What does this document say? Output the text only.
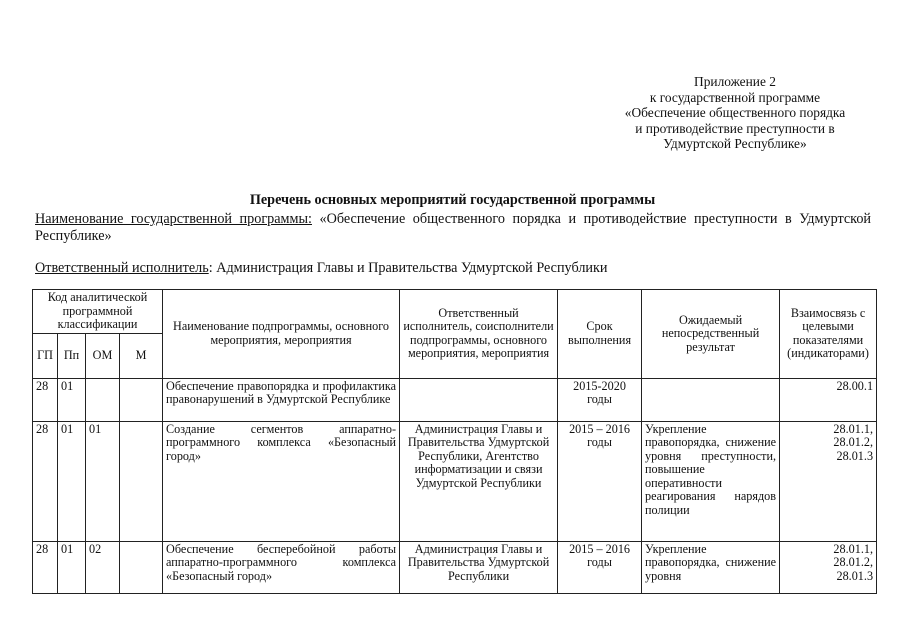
Приложение 2
к государственной программе
«Обеспечение общественного порядка
и противодействие преступности в
Удмуртской Республике»
Перечень основных мероприятий государственной программы
Наименование государственной программы: «Обеспечение общественного порядка и противодействие преступности в Удмуртской Республике»
Ответственный исполнитель: Администрация Главы и Правительства Удмуртской Республики
Код аналитической программной классификации				Наименование подпрограммы, основного мероприятия, мероприятия	Ответственный исполнитель, соисполнители подпрограммы, основного мероприятия, мероприятия	Срок выполнения	Ожидаемый непосредственный результат	Взаимосвязь с целевыми показателями (индикаторами)
ГП	Пп	ОМ	М					
28	01			Обеспечение правопорядка и профилактика правонарушений в Удмуртской Республике		2015-2020 годы		28.00.1

28	01	01		Создание сегментов аппаратно-программного комплекса «Безопасный город»	Администрация Главы и Правительства Удмуртской Республики, Агентство информатизации и связи Удмуртской Республики	2015 – 2016 годы	Укрепление правопорядка, снижение уровня преступности, повышение оперативности реагирования нарядов полиции	28.01.1,
28.01.2,
28.01.3

28	01	02		Обеспечение бесперебойной работы аппаратно-программного комплекса «Безопасный город»	Администрация Главы и Правительства Удмуртской Республики	2015 – 2016 годы	Укрепление правопорядка, снижение уровня	28.01.1,
28.01.2,
28.01.3
